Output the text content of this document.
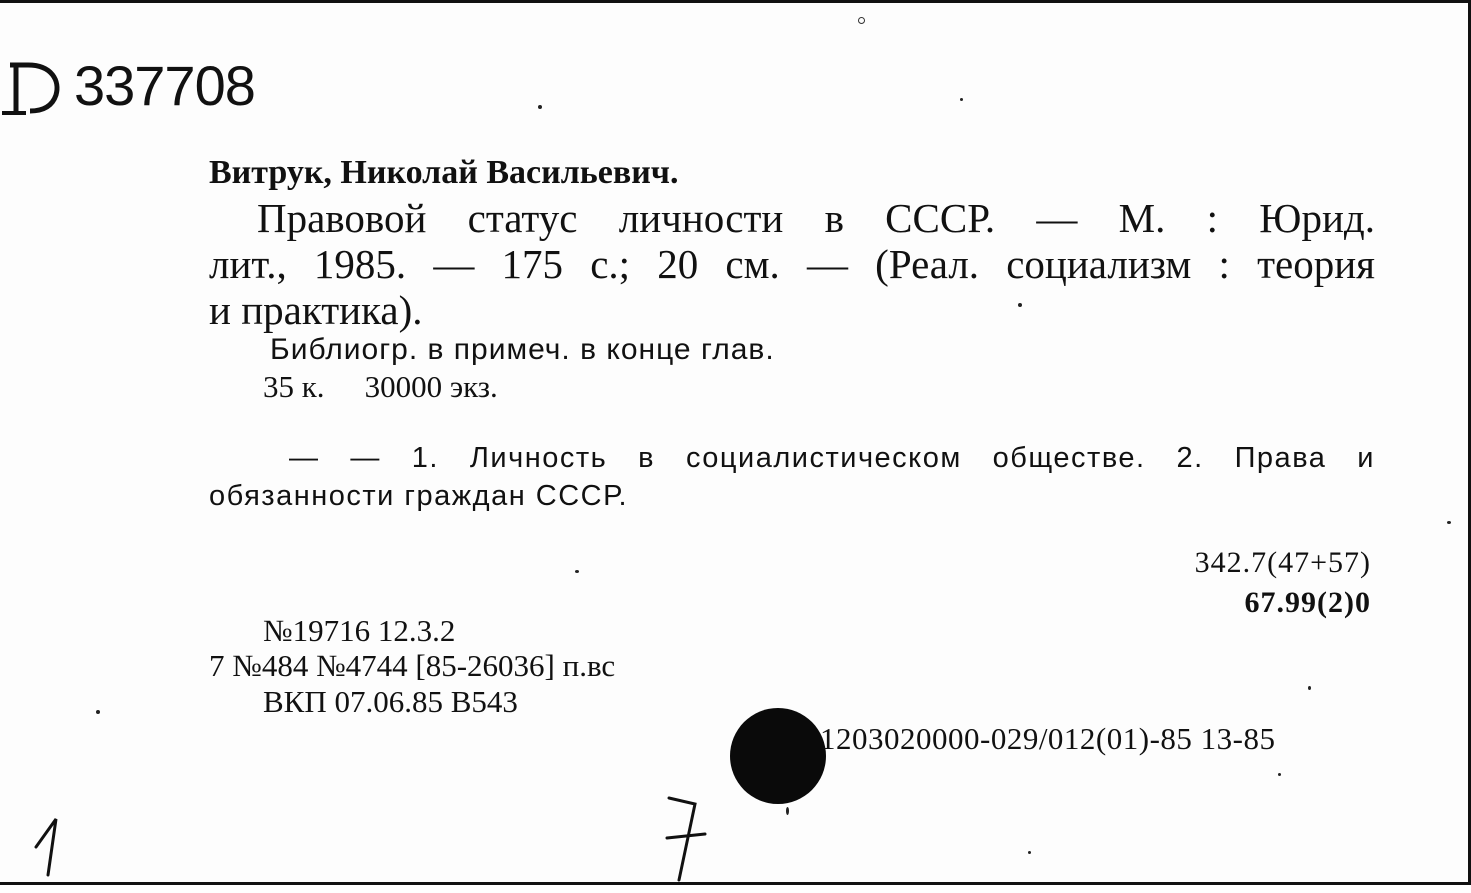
337708
Витрук, Николай Васильевич.
Правовой статус личности в СССР. — М. : Юрид.
лит., 1985. — 175 с.; 20 см. — (Реал. социализм : теория
и практика).
Библиогр. в примеч. в конце глав.
35 к. 30000 экз.
— — 1. Личность в социалистическом обществе. 2. Права и
обязанности граждан СССР.
342.7(47+57)
67.99(2)0
№19716 12.3.2
7 №484 №4744 [85-26036] п.вс
ВКП 07.06.85 В543
1203020000-029/012(01)-85 13-85
